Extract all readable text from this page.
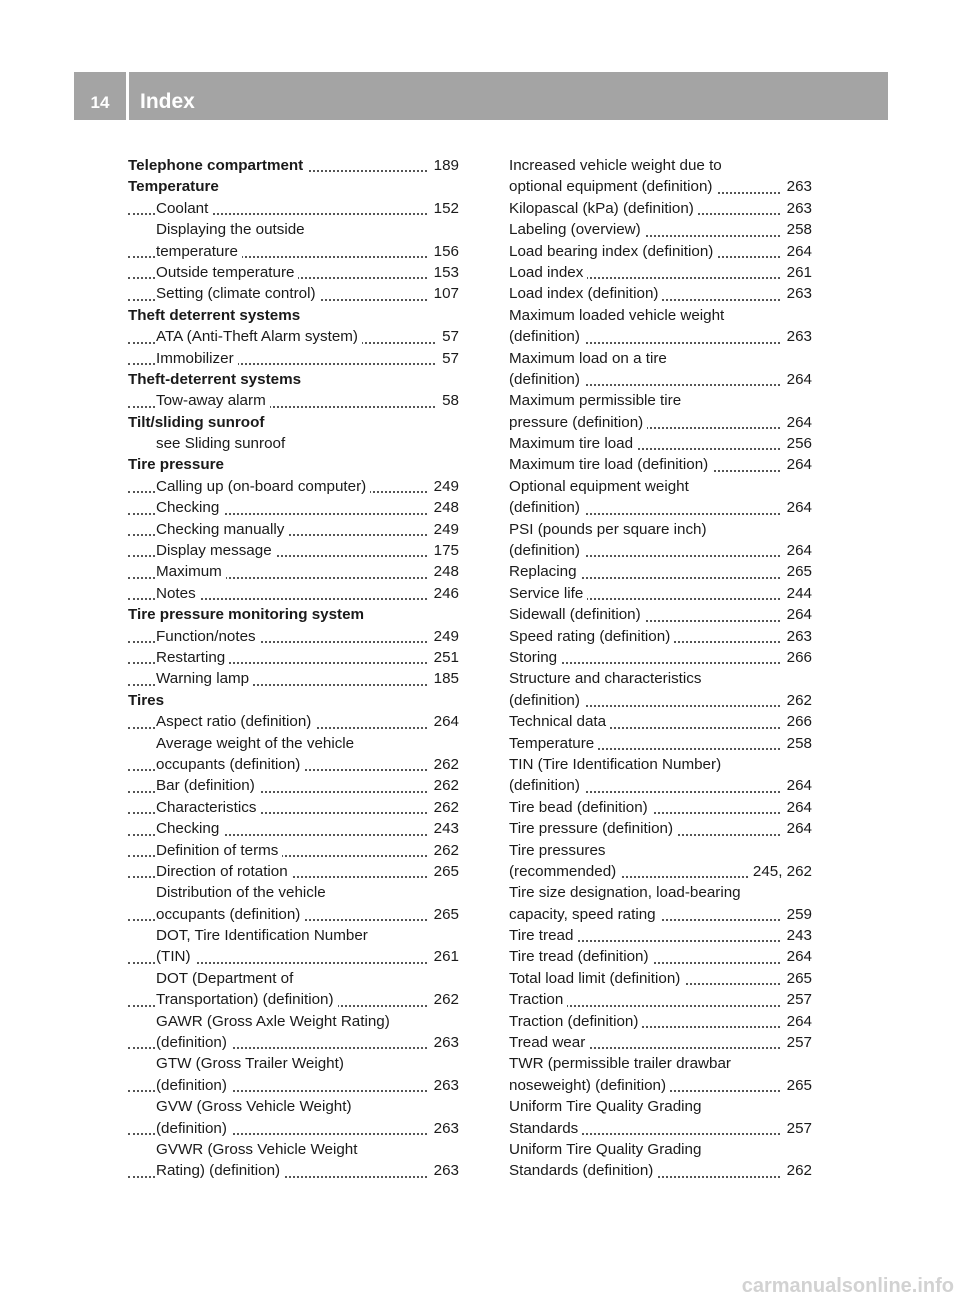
14	Index
Telephone compartment	189
Temperature
Coolant	152
Displaying the outside
temperature	156
Outside temperature	153
Setting (climate control)	107
Theft deterrent systems
ATA (Anti-Theft Alarm system)	57
Immobilizer	57
Theft-deterrent systems
Tow-away alarm	58
Tilt/sliding sunroof
see Sliding sunroof
Tire pressure
Calling up (on-board computer)	249
Checking	248
Checking manually	249
Display message	175
Maximum	248
Notes	246
Tire pressure monitoring system
Function/notes	249
Restarting	251
Warning lamp	185
Tires
Aspect ratio (definition)	264
Average weight of the vehicle
occupants (definition)	262
Bar (definition)	262
Characteristics	262
Checking	243
Definition of terms	262
Direction of rotation	265
Distribution of the vehicle
occupants (definition)	265
DOT, Tire Identification Number
(TIN)	261
DOT (Department of
Transportation) (definition)	262
GAWR (Gross Axle Weight Rating)
(definition)	263
GTW (Gross Trailer Weight)
(definition)	263
GVW (Gross Vehicle Weight)
(definition)	263
GVWR (Gross Vehicle Weight
Rating) (definition)	263
Increased vehicle weight due to
optional equipment (definition)	263
Kilopascal (kPa) (definition)	263
Labeling (overview)	258
Load bearing index (definition)	264
Load index	261
Load index (definition)	263
Maximum loaded vehicle weight
(definition)	263
Maximum load on a tire
(definition)	264
Maximum permissible tire
pressure (definition)	264
Maximum tire load	256
Maximum tire load (definition)	264
Optional equipment weight
(definition)	264
PSI (pounds per square inch)
(definition)	264
Replacing	265
Service life	244
Sidewall (definition)	264
Speed rating (definition)	263
Storing	266
Structure and characteristics
(definition)	262
Technical data	266
Temperature	258
TIN (Tire Identification Number)
(definition)	264
Tire bead (definition)	264
Tire pressure (definition)	264
Tire pressures
(recommended)	245, 262
Tire size designation, load-bearing
capacity, speed rating	259
Tire tread	243
Tire tread (definition)	264
Total load limit (definition)	265
Traction	257
Traction (definition)	264
Tread wear	257
TWR (permissible trailer drawbar
noseweight) (definition)	265
Uniform Tire Quality Grading
Standards	257
Uniform Tire Quality Grading
Standards (definition)	262
carmanualsonline.info
